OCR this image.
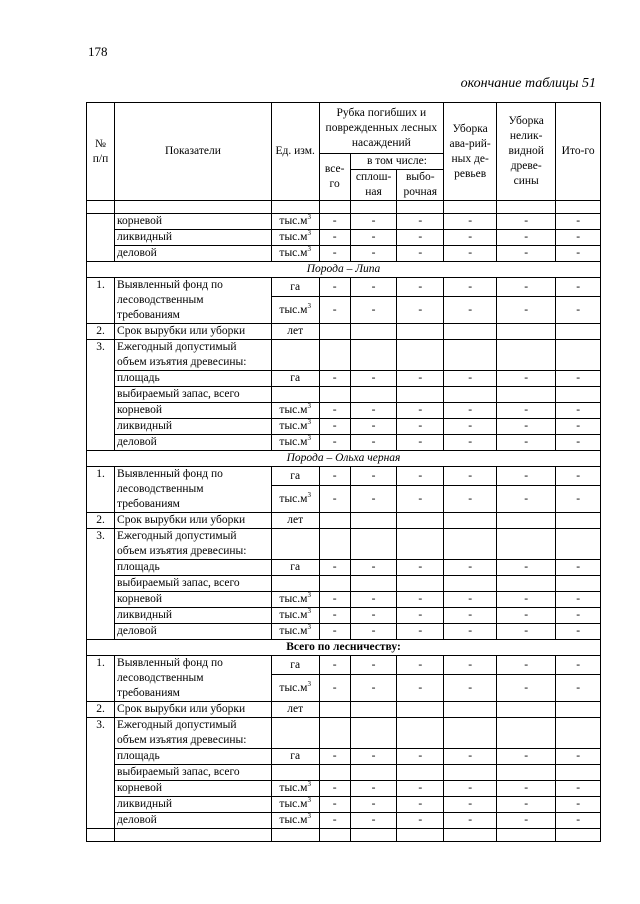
178
окончание таблицы 51
№ п/п	Показатели	Ед. изм.	Рубка погибших и поврежденных лесных насаждений			Уборка ава-рий-ных де-ревьев	Уборка нелик-видной древе-сины	Ито-го
			все-го	в том числе:				
				сплош-ная	выбо-рочная			

	корневой	$тыс.м^3$	-	-	-	-	-	-
	ликвидный	$тыс.м^3$	-	-	-	-	-	-
	деловой	$тыс.м^3$	-	-	-	-	-	-
Порода – Липа								
1.	Выявленный фонд по лесоводственным требованиям	га	-	-	-	-	-	-
		$тыс.м^3$	-	-	-	-	-	-
2.	Срок вырубки или уборки	лет						
3.	Ежегодный допустимый объем изъятия древесины:							
	площадь	га	-	-	-	-	-	-
	выбираемый запас, всего							
	корневой	$тыс.м^3$	-	-	-	-	-	-
	ликвидный	$тыс.м^3$	-	-	-	-	-	-
	деловой	$тыс.м^3$	-	-	-	-	-	-
Порода – Ольха черная								
1.	Выявленный фонд по лесоводственным требованиям	га	-	-	-	-	-	-
		$тыс.м^3$	-	-	-	-	-	-
2.	Срок вырубки или уборки	лет						
3.	Ежегодный допустимый объем изъятия древесины:							
	площадь	га	-	-	-	-	-	-
	выбираемый запас, всего							
	корневой	$тыс.м^3$	-	-	-	-	-	-
	ликвидный	$тыс.м^3$	-	-	-	-	-	-
	деловой	$тыс.м^3$	-	-	-	-	-	-
Всего по лесничеству:								
1.	Выявленный фонд по лесоводственным требованиям	га	-	-	-	-	-	-
		$тыс.м^3$	-	-	-	-	-	-
2.	Срок вырубки или уборки	лет						
3.	Ежегодный допустимый объем изъятия древесины:							
	площадь	га	-	-	-	-	-	-
	выбираемый запас, всего							
	корневой	$тыс.м^3$	-	-	-	-	-	-
	ликвидный	$тыс.м^3$	-	-	-	-	-	-
	деловой	$тыс.м^3$	-	-	-	-	-	-
